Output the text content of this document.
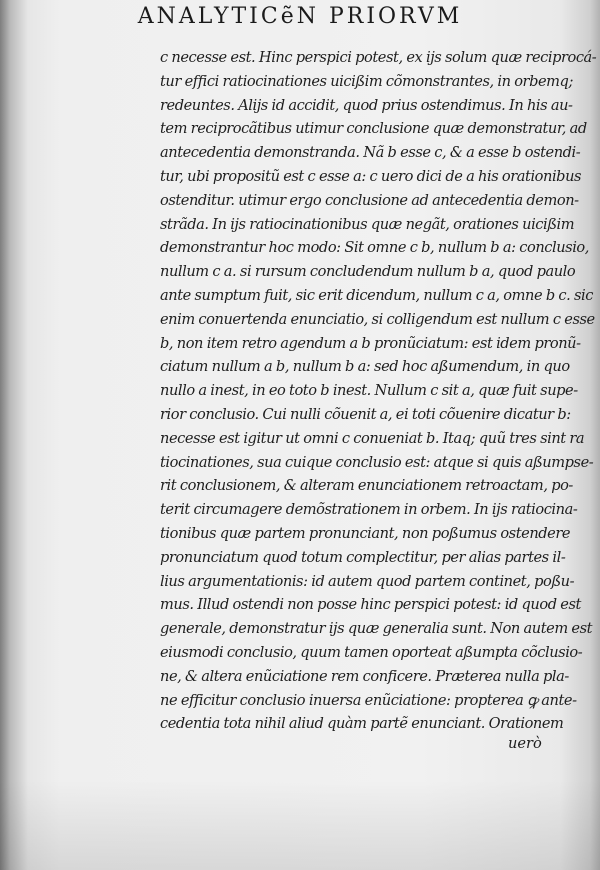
ANALYTICẽN PRIORVM
c necesse est. Hinc perspici potest, ex ijs solum quæ reciprocá-
tur effici ratiocinationes uicißim cõmonstrantes, in orbemq;
redeuntes. Alijs id accidit, quod prius ostendimus. In his au-
tem reciprocãtibus utimur conclusione quæ demonstratur, ad
antecedentia demonstranda. Nã b esse c, & a esse b ostendi-
tur, ubi propositũ est c esse a: c uero dici de a his orationibus
ostenditur. utimur ergo conclusione ad antecedentia demon-
strãda. In ijs ratiocinationibus quæ negãt, orationes uicißim
demonstrantur hoc modo: Sit omne c b, nullum b a: conclusio,
nullum c a. si rursum concludendum nullum b a, quod paulo
ante sumptum fuit, sic erit dicendum, nullum c a, omne b c. sic
enim conuertenda enunciatio, si colligendum est nullum c esse
b, non item retro agendum a b pronũciatum: est idem pronũ-
ciatum nullum a b, nullum b a: sed hoc aßumendum, in quo
nullo a inest, in eo toto b inest. Nullum c sit a, quæ fuit supe-
rior conclusio. Cui nulli cõuenit a, ei toti cõuenire dicatur b:
necesse est igitur ut omni c conueniat b. Itaq; quũ tres sint ra
tiocinationes, sua cuique conclusio est: atque si quis aßumpse-
rit conclusionem, & alteram enunciationem retroactam, po-
terit circumagere demõstrationem in orbem. In ijs ratiocina-
tionibus quæ partem pronunciant, non poßumus ostendere
pronunciatum quod totum complectitur, per alias partes il-
lius argumentationis: id autem quod partem continet, poßu-
mus. Illud ostendi non posse hinc perspici potest: id quod est
generale, demonstratur ijs quæ generalia sunt. Non autem est
eiusmodi conclusio, quum tamen oporteat aßumpta cõclusio-
ne, & altera enũciatione rem conficere. Præterea nulla pla-
ne efficitur conclusio inuersa enũciatione: propterea ꝙ ante-
cedentia tota nihil aliud quàm partẽ enunciant. Orationem
uerò
